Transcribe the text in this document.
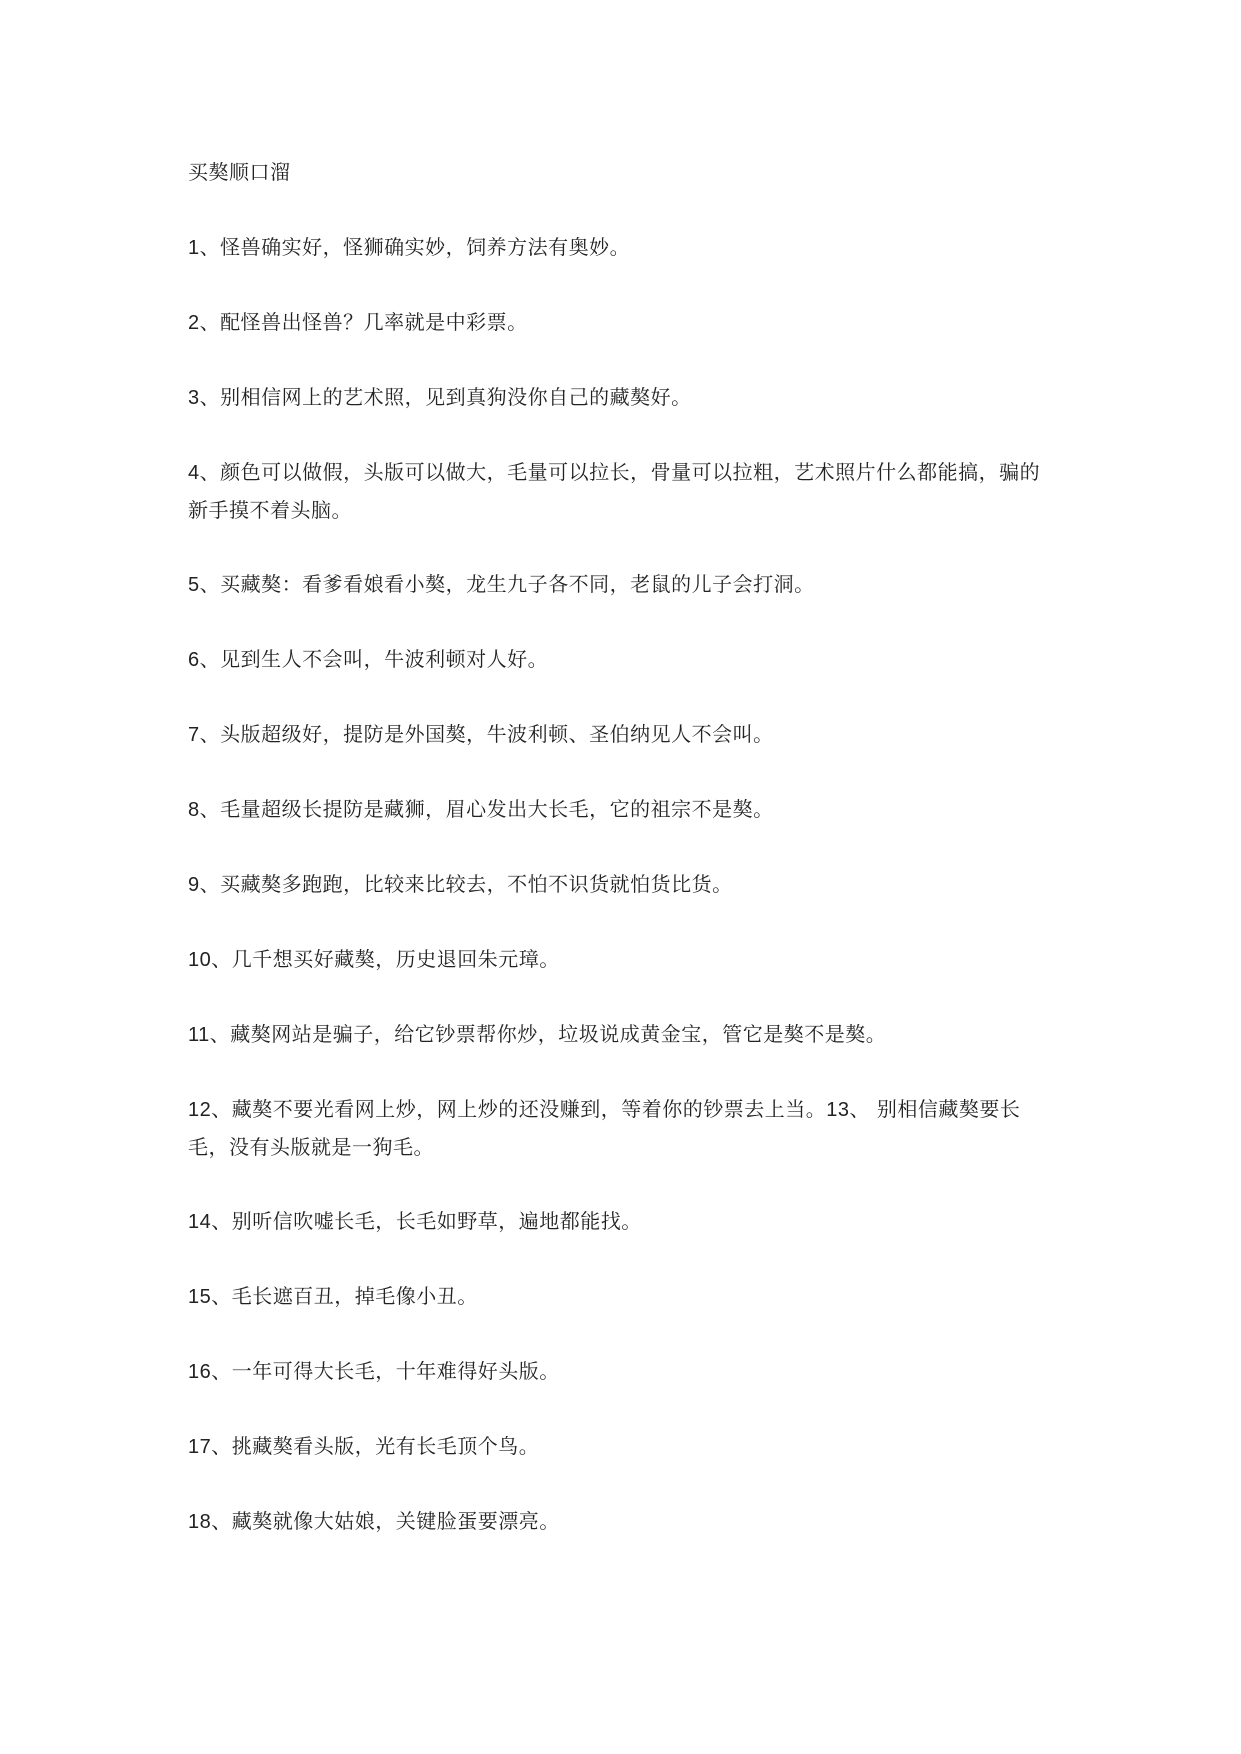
买獒顺口溜

1、怪兽确实好，怪狮确实妙，饲养方法有奥妙。

2、配怪兽出怪兽？几率就是中彩票。

3、别相信网上的艺术照，见到真狗没你自己的藏獒好。

4、颜色可以做假，头版可以做大，毛量可以拉长，骨量可以拉粗，艺术照片什么都能搞，骗的新手摸不着头脑。

5、买藏獒：看爹看娘看小獒，龙生九子各不同，老鼠的儿子会打洞。

6、见到生人不会叫，牛波利顿对人好。

7、头版超级好，提防是外国獒，牛波利顿、圣伯纳见人不会叫。

8、毛量超级长提防是藏狮，眉心发出大长毛，它的祖宗不是獒。

9、买藏獒多跑跑，比较来比较去，不怕不识货就怕货比货。

10、几千想买好藏獒，历史退回朱元璋。

11、藏獒网站是骗子，给它钞票帮你炒，垃圾说成黄金宝，管它是獒不是獒。

12、藏獒不要光看网上炒，网上炒的还没赚到，等着你的钞票去上当。13、 别相信藏獒要长毛，没有头版就是一狗毛。

14、别听信吹嘘长毛，长毛如野草，遍地都能找。

15、毛长遮百丑，掉毛像小丑。

16、一年可得大长毛，十年难得好头版。

17、挑藏獒看头版，光有长毛顶个鸟。

18、藏獒就像大姑娘，关键脸蛋要漂亮。
